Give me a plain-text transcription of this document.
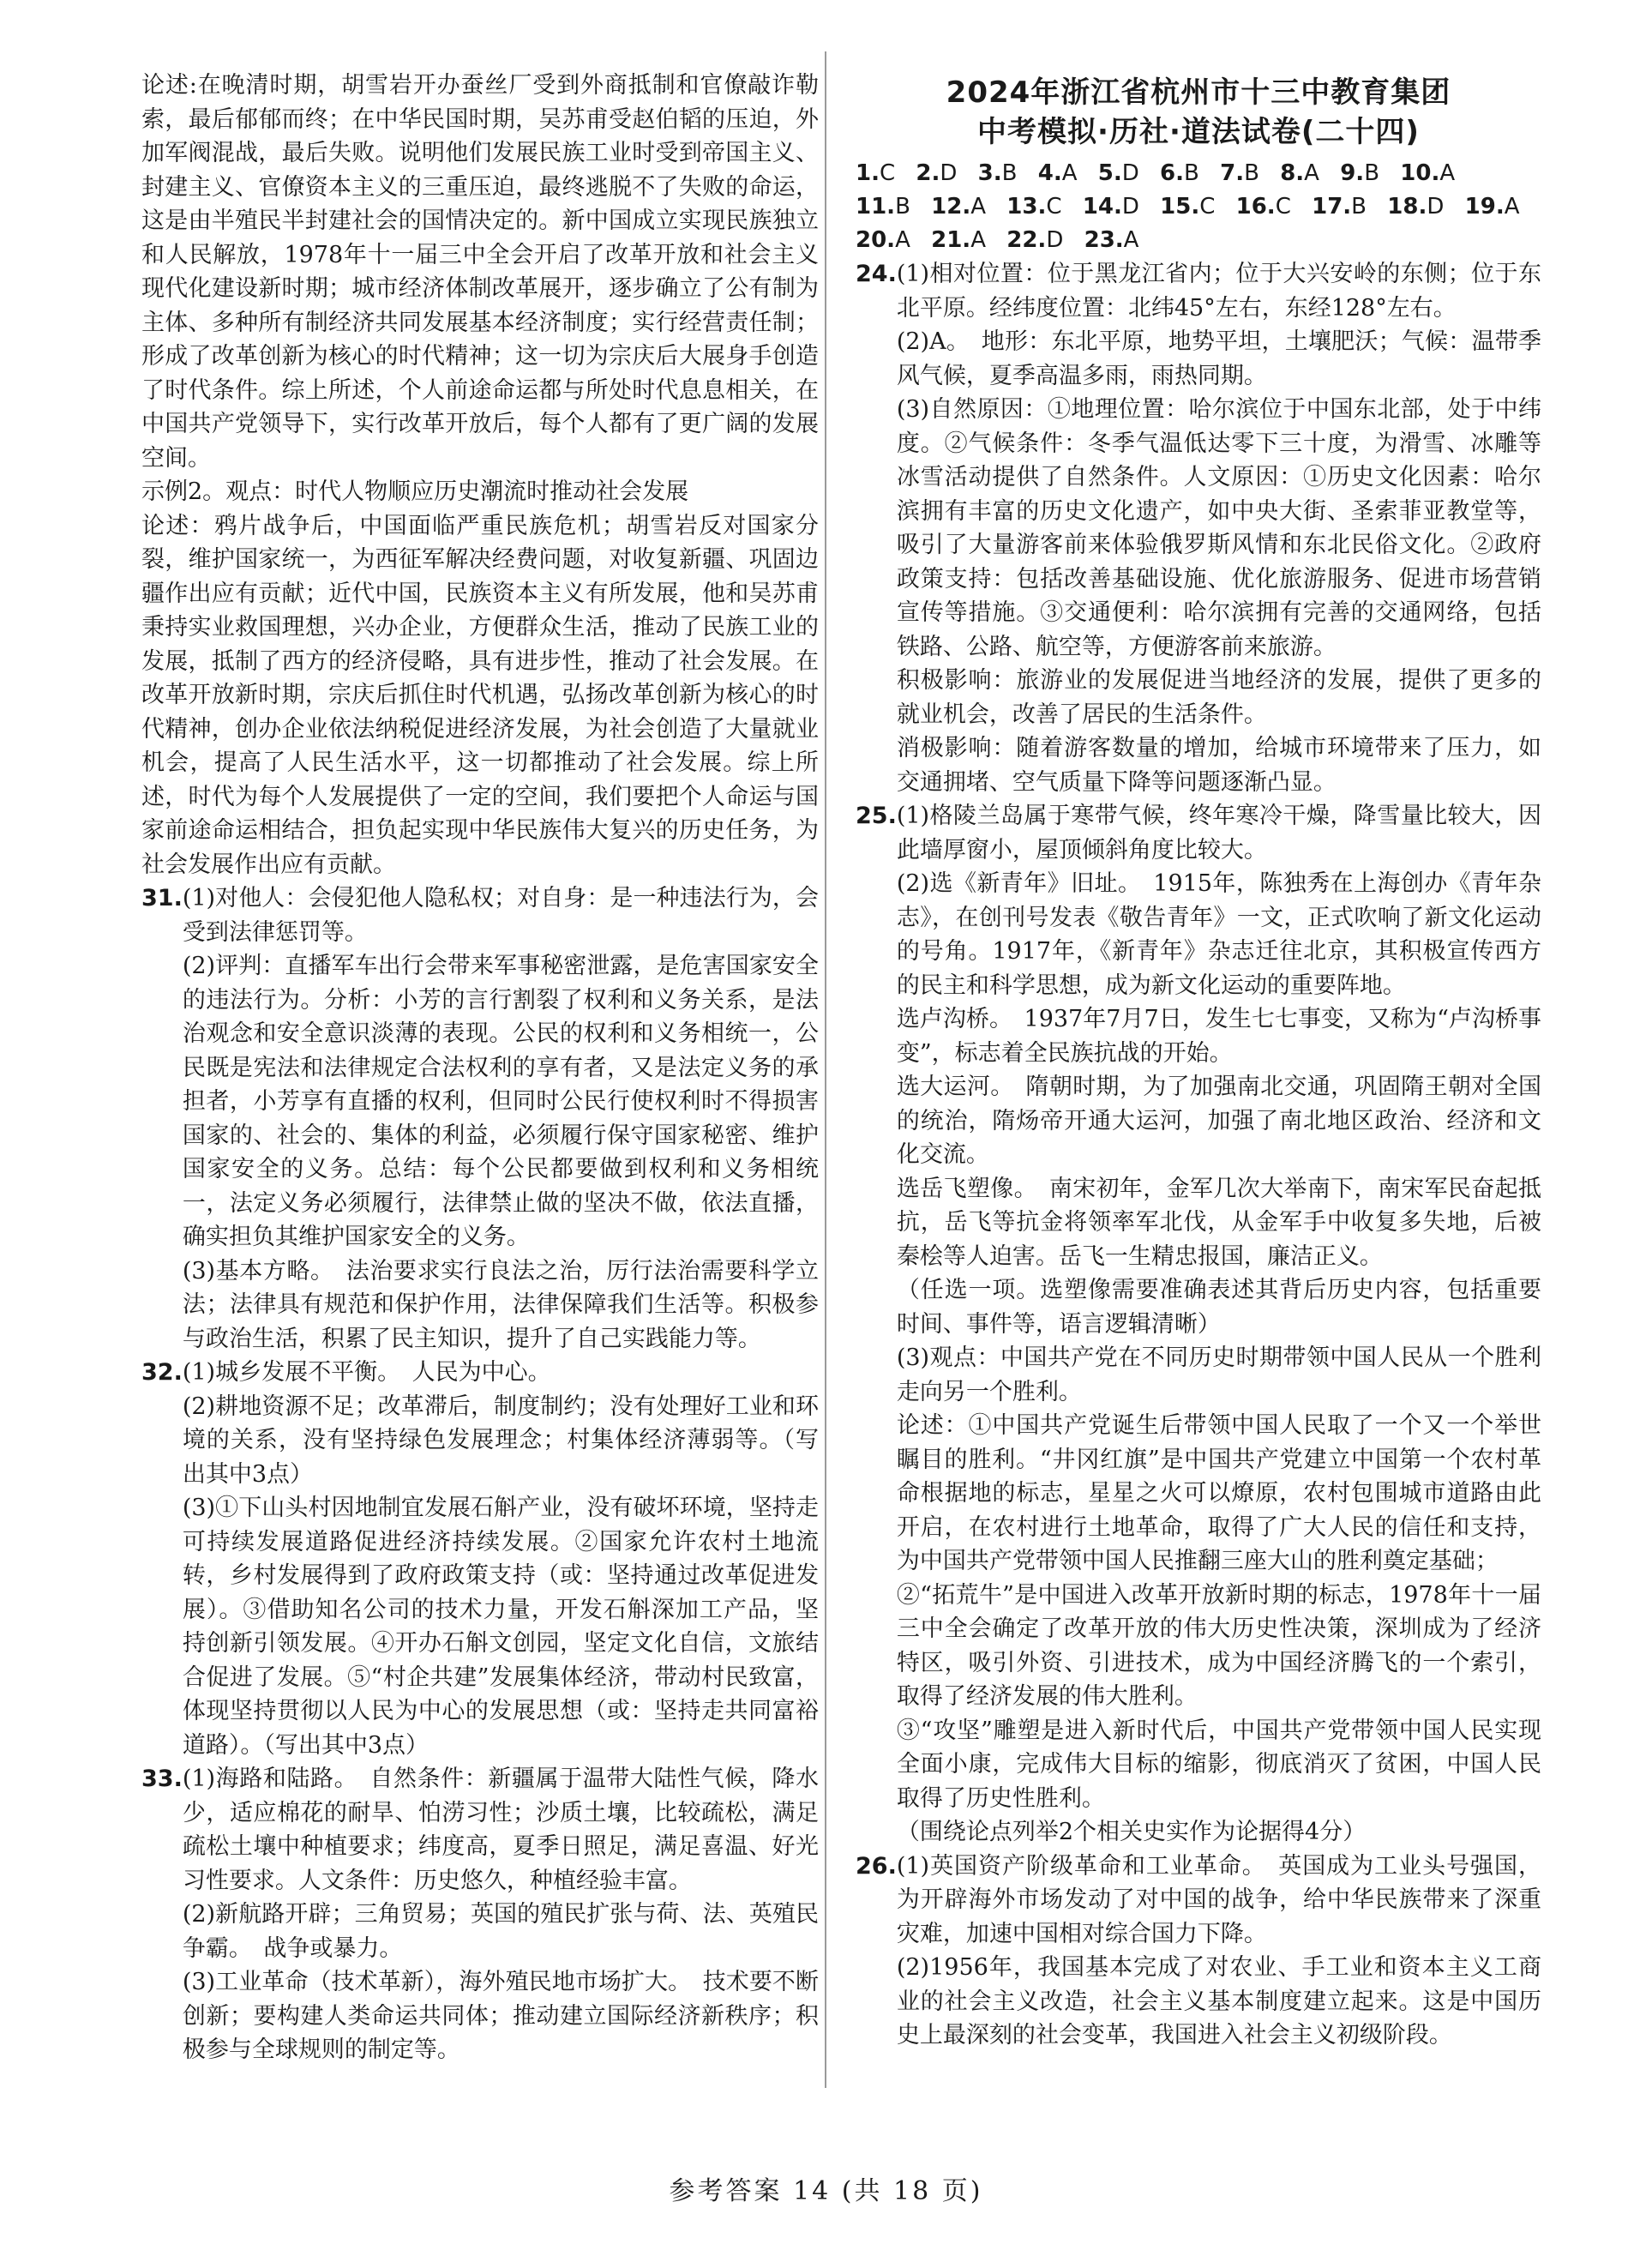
论述:在晚清时期，胡雪岩开办蚕丝厂受到外商抵制和官僚敲诈勒索，最后郁郁而终；在中华民国时期，吴苏甫受赵伯韬的压迫，外加军阀混战，最后失败。说明他们发展民族工业时受到帝国主义、封建主义、官僚资本主义的三重压迫，最终逃脱不了失败的命运，这是由半殖民半封建社会的国情决定的。新中国成立实现民族独立和人民解放，1978年十一届三中全会开启了改革开放和社会主义现代化建设新时期；城市经济体制改革展开，逐步确立了公有制为主体、多种所有制经济共同发展基本经济制度；实行经营责任制；形成了改革创新为核心的时代精神；这一切为宗庆后大展身手创造了时代条件。综上所述，个人前途命运都与所处时代息息相关，在中国共产党领导下，实行改革开放后，每个人都有了更广阔的发展空间。

示例2。观点：时代人物顺应历史潮流时推动社会发展

论述：鸦片战争后，中国面临严重民族危机；胡雪岩反对国家分裂，维护国家统一，为西征军解决经费问题，对收复新疆、巩固边疆作出应有贡献；近代中国，民族资本主义有所发展，他和吴苏甫秉持实业救国理想，兴办企业，方便群众生活，推动了民族工业的发展，抵制了西方的经济侵略，具有进步性，推动了社会发展。在改革开放新时期，宗庆后抓住时代机遇，弘扬改革创新为核心的时代精神，创办企业依法纳税促进经济发展，为社会创造了大量就业机会，提高了人民生活水平，这一切都推动了社会发展。综上所述，时代为每个人发展提供了一定的空间，我们要把个人命运与国家前途命运相结合，担负起实现中华民族伟大复兴的历史任务，为社会发展作出应有贡献。

31. (1)对他人：会侵犯他人隐私权；对自身：是一种违法行为，会受到法律惩罚等。

(2)评判：直播军车出行会带来军事秘密泄露，是危害国家安全的违法行为。分析：小芳的言行割裂了权利和义务关系，是法治观念和安全意识淡薄的表现。公民的权利和义务相统一，公民既是宪法和法律规定合法权利的享有者，又是法定义务的承担者，小芳享有直播的权利，但同时公民行使权利时不得损害国家的、社会的、集体的利益，必须履行保守国家秘密、维护国家安全的义务。总结：每个公民都要做到权利和义务相统一，法定义务必须履行，法律禁止做的坚决不做，依法直播，确实担负其维护国家安全的义务。

(3)基本方略。　法治要求实行良法之治，厉行法治需要科学立法；法律具有规范和保护作用，法律保障我们生活等。积极参与政治生活，积累了民主知识，提升了自己实践能力等。

32. (1)城乡发展不平衡。　人民为中心。

(2)耕地资源不足；改革滞后，制度制约；没有处理好工业和环境的关系，没有坚持绿色发展理念；村集体经济薄弱等。（写出其中3点）

(3)①下山头村因地制宜发展石斛产业，没有破坏环境，坚持走可持续发展道路促进经济持续发展。②国家允许农村土地流转，乡村发展得到了政府政策支持（或：坚持通过改革促进发展）。③借助知名公司的技术力量，开发石斛深加工产品，坚持创新引领发展。④开办石斛文创园，坚定文化自信，文旅结合促进了发展。⑤“村企共建”发展集体经济，带动村民致富，体现坚持贯彻以人民为中心的发展思想（或：坚持走共同富裕道路）。（写出其中3点）

33. (1)海路和陆路。　自然条件：新疆属于温带大陆性气候，降水少，适应棉花的耐旱、怕涝习性；沙质土壤，比较疏松，满足疏松土壤中种植要求；纬度高，夏季日照足，满足喜温、好光习性要求。人文条件：历史悠久，种植经验丰富。

(2)新航路开辟；三角贸易；英国的殖民扩张与荷、法、英殖民争霸。　战争或暴力。

(3)工业革命（技术革新），海外殖民地市场扩大。　技术要不断创新；要构建人类命运共同体；推动建立国际经济新秩序；积极参与全球规则的制定等。

2024年浙江省杭州市十三中教育集团
中考模拟·历社·道法试卷(二十四)
1.C 2.D 3.B 4.A 5.D 6.B 7.B 8.A 9.B 10.A 11.B 12.A 13.C 14.D 15.C 16.C 17.B 18.D 19.A 20.A 21.A 22.D 23.A
24. (1)相对位置：位于黑龙江省内；位于大兴安岭的东侧；位于东北平原。经纬度位置：北纬45°左右，东经128°左右。

(2)A。　地形：东北平原，地势平坦，土壤肥沃；气候：温带季风气候，夏季高温多雨，雨热同期。

(3)自然原因：①地理位置：哈尔滨位于中国东北部，处于中纬度。②气候条件：冬季气温低达零下三十度，为滑雪、冰雕等冰雪活动提供了自然条件。人文原因：①历史文化因素：哈尔滨拥有丰富的历史文化遗产，如中央大街、圣索菲亚教堂等，吸引了大量游客前来体验俄罗斯风情和东北民俗文化。②政府政策支持：包括改善基础设施、优化旅游服务、促进市场营销宣传等措施。③交通便利：哈尔滨拥有完善的交通网络，包括铁路、公路、航空等，方便游客前来旅游。

积极影响：旅游业的发展促进当地经济的发展，提供了更多的就业机会，改善了居民的生活条件。

消极影响：随着游客数量的增加，给城市环境带来了压力，如交通拥堵、空气质量下降等问题逐渐凸显。

25. (1)格陵兰岛属于寒带气候，终年寒冷干燥，降雪量比较大，因此墙厚窗小，屋顶倾斜角度比较大。

(2)选《新青年》旧址。　1915年，陈独秀在上海创办《青年杂志》，在创刊号发表《敬告青年》一文，正式吹响了新文化运动的号角。1917年，《新青年》杂志迁往北京，其积极宣传西方的民主和科学思想，成为新文化运动的重要阵地。

选卢沟桥。　1937年7月7日，发生七七事变，又称为“卢沟桥事变”，标志着全民族抗战的开始。

选大运河。　隋朝时期，为了加强南北交通，巩固隋王朝对全国的统治，隋炀帝开通大运河，加强了南北地区政治、经济和文化交流。

选岳飞塑像。　南宋初年，金军几次大举南下，南宋军民奋起抵抗，岳飞等抗金将领率军北伐，从金军手中收复多失地，后被秦桧等人迫害。岳飞一生精忠报国，廉洁正义。

（任选一项。选塑像需要准确表述其背后历史内容，包括重要时间、事件等，语言逻辑清晰）

(3)观点：中国共产党在不同历史时期带领中国人民从一个胜利走向另一个胜利。

论述：①中国共产党诞生后带领中国人民取了一个又一个举世瞩目的胜利。“井冈红旗”是中国共产党建立中国第一个农村革命根据地的标志，星星之火可以燎原，农村包围城市道路由此开启，在农村进行土地革命，取得了广大人民的信任和支持，为中国共产党带领中国人民推翻三座大山的胜利奠定基础；

②“拓荒牛”是中国进入改革开放新时期的标志，1978年十一届三中全会确定了改革开放的伟大历史性决策，深圳成为了经济特区，吸引外资、引进技术，成为中国经济腾飞的一个索引，取得了经济发展的伟大胜利。

③“攻坚”雕塑是进入新时代后，中国共产党带领中国人民实现全面小康，完成伟大目标的缩影，彻底消灭了贫困，中国人民取得了历史性胜利。

（围绕论点列举2个相关史实作为论据得4分）

26. (1)英国资产阶级革命和工业革命。　英国成为工业头号强国，为开辟海外市场发动了对中国的战争，给中华民族带来了深重灾难，加速中国相对综合国力下降。

(2)1956年，我国基本完成了对农业、手工业和资本主义工商业的社会主义改造，社会主义基本制度建立起来。这是中国历史上最深刻的社会变革，我国进入社会主义初级阶段。

参考答案 14 (共 18 页)
